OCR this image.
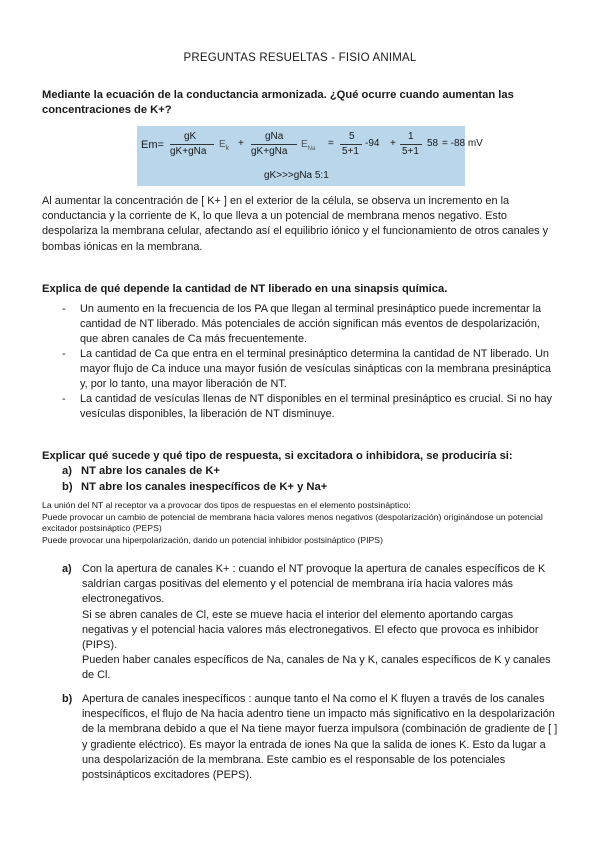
PREGUNTAS RESUELTAS - FISIO ANIMAL
Mediante la ecuación de la conductancia armonizada. ¿Qué ocurre cuando aumentan las concentraciones de K+?
Em=
gK
gK+gNa
$E_k$ +
gNa
gK+gNa
$E_{Na}$ =
5
5+1
-94 +
1
5+1
58 = -88 mV
gK>>>gNa 5:1
Al aumentar la concentración de [ K+ ] en el exterior de la célula, se observa un incremento en la conductancia y la corriente de K, lo que lleva a un potencial de membrana menos negativo. Esto despolariza la membrana celular, afectando así el equilibrio iónico y el funcionamiento de otros canales y bombas iónicas en la membrana.
Explica de qué depende la cantidad de NT liberado en una sinapsis química.
- Un aumento en la frecuencia de los PA que llegan al terminal presináptico puede incrementar la cantidad de NT liberado. Más potenciales de acción significan más eventos de despolarización, que abren canales de Ca más frecuentemente.
- La cantidad de Ca que entra en el terminal presináptico determina la cantidad de NT liberado. Un mayor flujo de Ca induce una mayor fusión de vesículas sinápticas con la membrana presináptica y, por lo tanto, una mayor liberación de NT.
- La cantidad de vesículas llenas de NT disponibles en el terminal presináptico es crucial. Si no hay vesículas disponibles, la liberación de NT disminuye.
Explicar qué sucede y qué tipo de respuesta, si excitadora o inhibidora, se produciría si:
a) NT abre los canales de K+
b) NT abre los canales inespecíficos de K+ y Na+
La unión del NT al receptor va a provocar dos tipos de respuestas en el elemento postsináptico:
Puede provocar un cambio de potencial de membrana hacia valores menos negativos (despolarización) originándose un potencial excitador postsináptico (PEPS)
Puede provocar una hiperpolarización, dando un potencial inhibidor postsináptico (PIPS)
a) Con la apertura de canales K+ : cuando el NT provoque la apertura de canales específicos de K saldrían cargas positivas del elemento y el potencial de membrana iría hacia valores más electronegativos.

Si se abren canales de Cl, este se mueve hacia el interior del elemento aportando cargas negativas y el potencial hacia valores más electronegativos. El efecto que provoca es inhibidor (PIPS).

Pueden haber canales específicos de Na, canales de Na y K, canales específicos de K y canales de Cl.

b) Apertura de canales inespecíficos : aunque tanto el Na como el K fluyen a través de los canales inespecíficos, el flujo de Na hacia adentro tiene un impacto más significativo en la despolarización de la membrana debido a que el Na tiene mayor fuerza impulsora (combinación de gradiente de [ ] y gradiente eléctrico). Es mayor la entrada de iones Na que la salida de iones K. Esto da lugar a una despolarización de la membrana. Este cambio es el responsable de los potenciales postsinápticos excitadores (PEPS).
